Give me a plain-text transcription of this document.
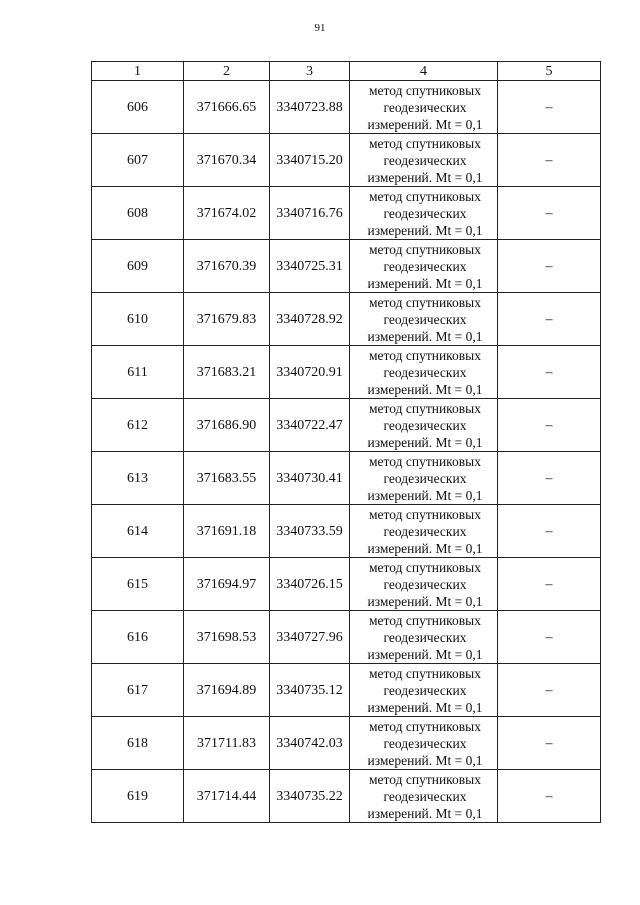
91
1	2	3	4	5
606	371666.65	3340723.88	метод спутниковых
геодезических
измерений. Mt = 0,1	–
607	371670.34	3340715.20	метод спутниковых
геодезических
измерений. Mt = 0,1	–
608	371674.02	3340716.76	метод спутниковых
геодезических
измерений. Mt = 0,1	–
609	371670.39	3340725.31	метод спутниковых
геодезических
измерений. Mt = 0,1	–
610	371679.83	3340728.92	метод спутниковых
геодезических
измерений. Mt = 0,1	–
611	371683.21	3340720.91	метод спутниковых
геодезических
измерений. Mt = 0,1	–
612	371686.90	3340722.47	метод спутниковых
геодезических
измерений. Mt = 0,1	–
613	371683.55	3340730.41	метод спутниковых
геодезических
измерений. Mt = 0,1	–
614	371691.18	3340733.59	метод спутниковых
геодезических
измерений. Mt = 0,1	–
615	371694.97	3340726.15	метод спутниковых
геодезических
измерений. Mt = 0,1	–
616	371698.53	3340727.96	метод спутниковых
геодезических
измерений. Mt = 0,1	–
617	371694.89	3340735.12	метод спутниковых
геодезических
измерений. Mt = 0,1	–
618	371711.83	3340742.03	метод спутниковых
геодезических
измерений. Mt = 0,1	–
619	371714.44	3340735.22	метод спутниковых
геодезических
измерений. Mt = 0,1	–
